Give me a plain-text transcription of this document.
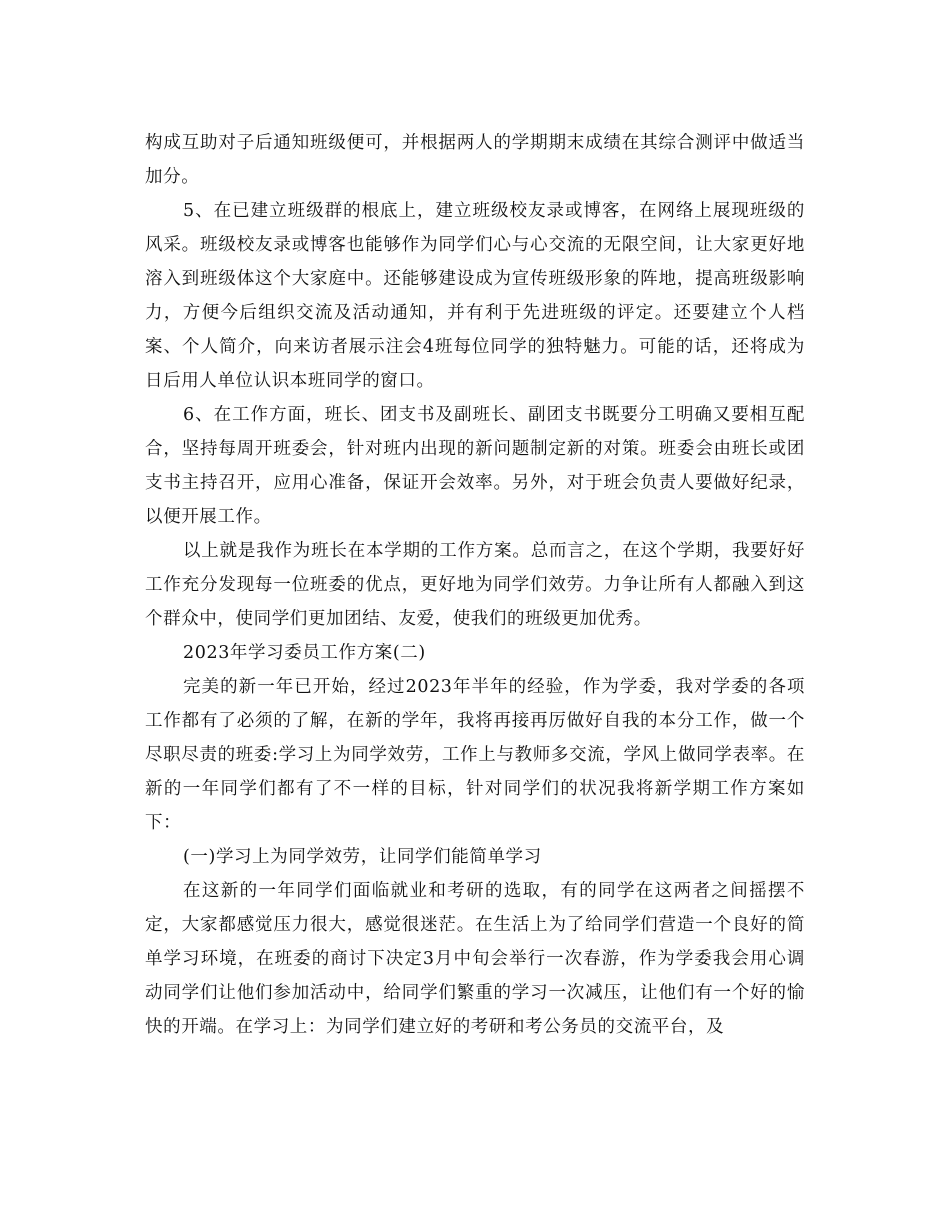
构成互助对子后通知班级便可，并根据两人的学期期末成绩在其综合测评中做适当加分。

5、在已建立班级群的根底上，建立班级校友录或博客，在网络上展现班级的风采。班级校友录或博客也能够作为同学们心与心交流的无限空间，让大家更好地溶入到班级体这个大家庭中。还能够建设成为宣传班级形象的阵地，提高班级影响力，方便今后组织交流及活动通知，并有利于先进班级的评定。还要建立个人档案、个人简介，向来访者展示注会4班每位同学的独特魅力。可能的话，还将成为日后用人单位认识本班同学的窗口。

6、在工作方面，班长、团支书及副班长、副团支书既要分工明确又要相互配合，坚持每周开班委会，针对班内出现的新问题制定新的对策。班委会由班长或团支书主持召开，应用心准备，保证开会效率。另外，对于班会负责人要做好纪录，以便开展工作。

以上就是我作为班长在本学期的工作方案。总而言之，在这个学期，我要好好工作充分发现每一位班委的优点，更好地为同学们效劳。力争让所有人都融入到这个群众中，使同学们更加团结、友爱，使我们的班级更加优秀。

2023年学习委员工作方案(二)

完美的新一年已开始，经过2023年半年的经验，作为学委，我对学委的各项工作都有了必须的了解，在新的学年，我将再接再厉做好自我的本分工作，做一个尽职尽责的班委:学习上为同学效劳，工作上与教师多交流，学风上做同学表率。在新的一年同学们都有了不一样的目标，针对同学们的状况我将新学期工作方案如下：

(一)学习上为同学效劳，让同学们能简单学习

在这新的一年同学们面临就业和考研的选取，有的同学在这两者之间摇摆不定，大家都感觉压力很大，感觉很迷茫。在生活上为了给同学们营造一个良好的简单学习环境，在班委的商讨下决定3月中旬会举行一次春游，作为学委我会用心调动同学们让他们参加活动中，给同学们繁重的学习一次减压，让他们有一个好的愉快的开端。在学习上：为同学们建立好的考研和考公务员的交流平台，及
